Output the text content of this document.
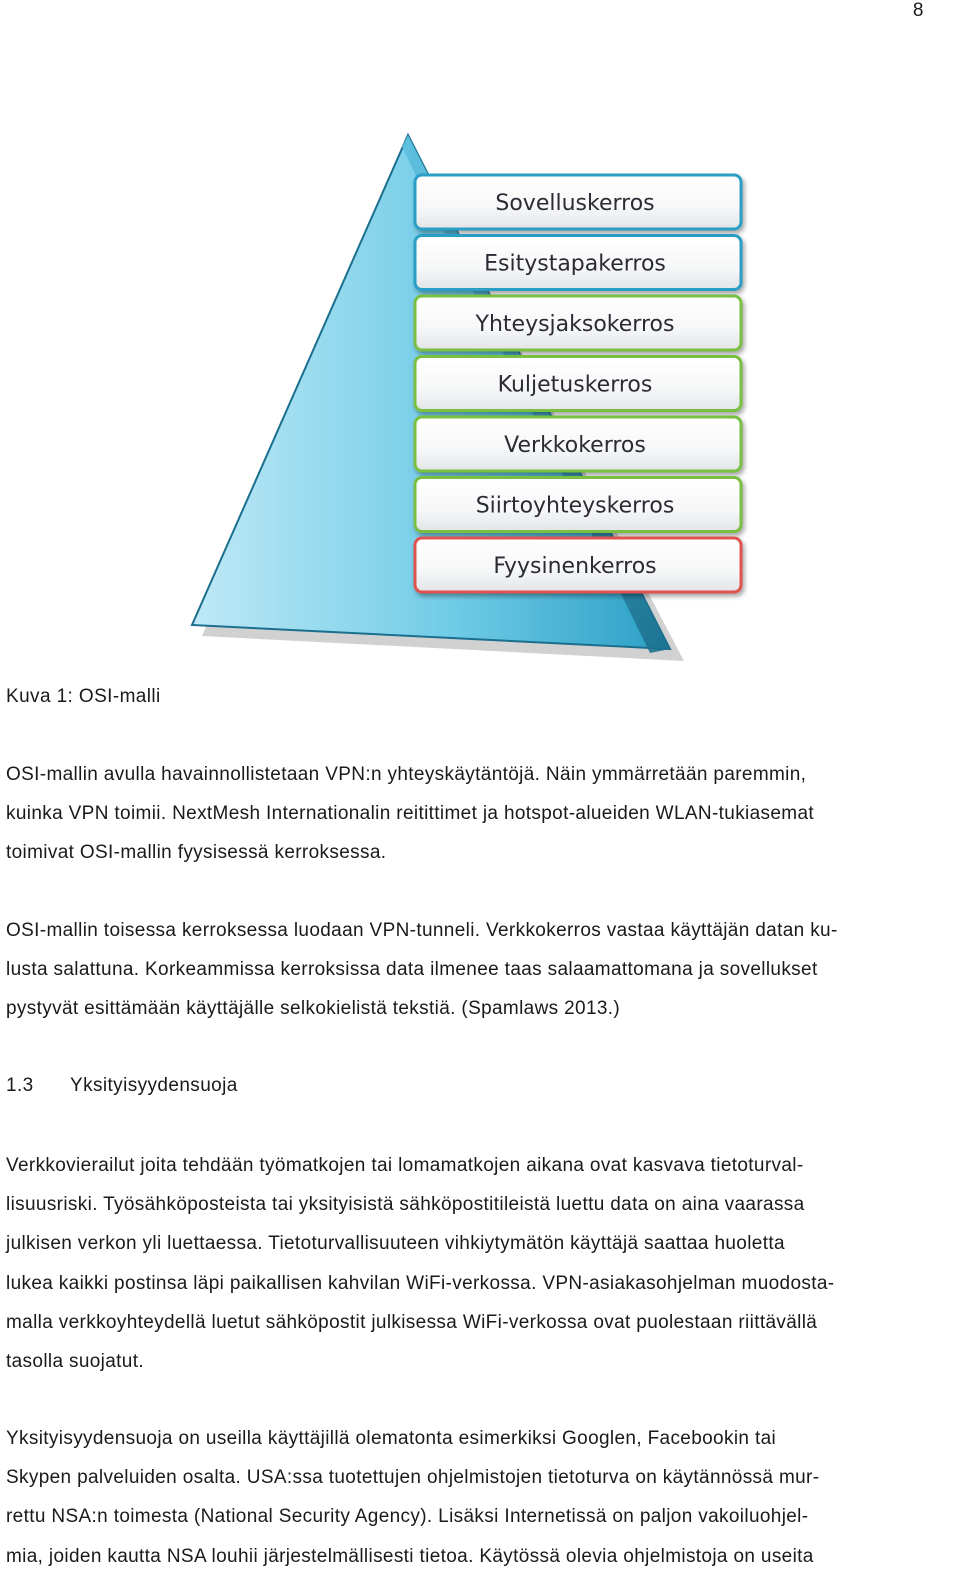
8
Sovelluskerros
Esitystapakerros
Yhteysjaksokerros
Kuljetuskerros
Verkkokerros
Siirtoyhteyskerros
Fyysinenkerros
Kuva 1: OSI-malli

OSI-mallin avulla havainnollistetaan VPN:n yhteyskäytäntöjä. Näin ymmärretään paremmin,
kuinka VPN toimii. NextMesh Internationalin reitittimet ja hotspot-alueiden WLAN-tukiasemat
toimivat OSI-mallin fyysisessä kerroksessa.

OSI-mallin toisessa kerroksessa luodaan VPN-tunneli. Verkkokerros vastaa käyttäjän datan ku-
lusta salattuna. Korkeammissa kerroksissa data ilmenee taas salaamattomana ja sovellukset
pystyvät esittämään käyttäjälle selkokielistä tekstiä. (Spamlaws 2013.)

1.3 Yksityisyydensuoja

Verkkovierailut joita tehdään työmatkojen tai lomamatkojen aikana ovat kasvava tietoturval-
lisuusriski. Työsähköposteista tai yksityisistä sähköpostitileistä luettu data on aina vaarassa
julkisen verkon yli luettaessa. Tietoturvallisuuteen vihkiytymätön käyttäjä saattaa huoletta
lukea kaikki postinsa läpi paikallisen kahvilan WiFi-verkossa. VPN-asiakasohjelman muodosta-
malla verkkoyhteydellä luetut sähköpostit julkisessa WiFi-verkossa ovat puolestaan riittävällä
tasolla suojatut.

Yksityisyydensuoja on useilla käyttäjillä olematonta esimerkiksi Googlen, Facebookin tai
Skypen palveluiden osalta. USA:ssa tuotettujen ohjelmistojen tietoturva on käytännössä mur-
rettu NSA:n toimesta (National Security Agency). Lisäksi Internetissä on paljon vakoiluohjel-
mia, joiden kautta NSA louhii järjestelmällisesti tietoa. Käytössä olevia ohjelmistoja on useita
